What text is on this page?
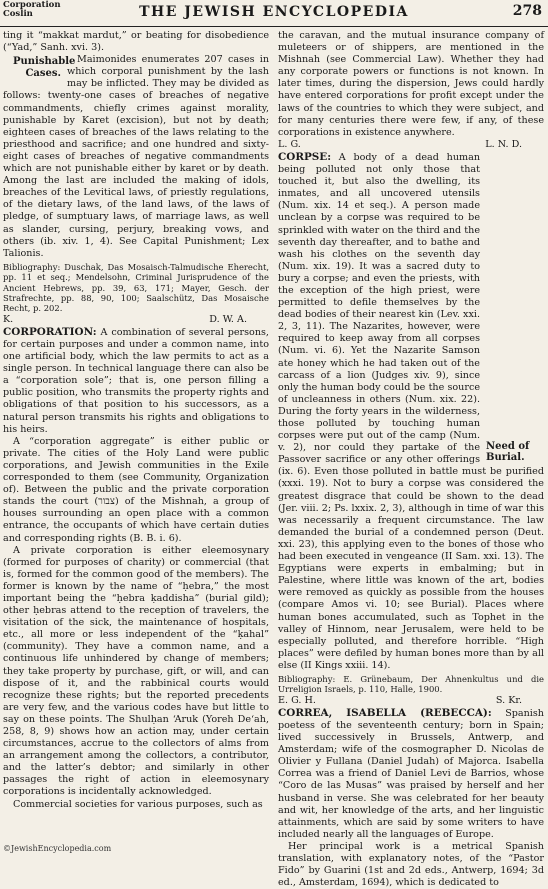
Corporation
Coslin	THE JEWISH ENCYCLOPEDIA	278

ting it “makkat mardut,” or beating for disobedience (“Yad,” Sanh. xvi. 3).

Punishable Cases.
Maimonides enumerates 207 cases in which corporal punishment by the lash may be inflicted. They may be divided as follows: twenty-one cases of breaches of negative commandments, chiefly crimes against morality, punishable by Karet (excision), but not by death; eighteen cases of breaches of the laws relating to the priesthood and sacrifice; and one hundred and sixty-eight cases of breaches of negative commandments which are not punishable either by karet or by death. Among the last are included the making of idols, breaches of the Levitical laws, of priestly regulations, of the dietary laws, of the land laws, of the laws of pledge, of sumptuary laws, of marriage laws, as well as slander, cursing, perjury, breaking vows, and others (ib. xiv. 1, 4). See Capital Punishment; Lex Talionis.

Bibliography: Duschak, Das Mosaisch-Talmudische Eherecht, pp. 11 et seq.; Mendelsohn, Criminal Jurisprudence of the Ancient Hebrews, pp. 39, 63, 171; Mayer, Gesch. der Strafrechte, pp. 88, 90, 100; Saalschütz, Das Mosaische Recht, p. 202.

K.	D. W. A.

CORPORATION: A combination of several persons, for certain purposes and under a common name, into one artificial body, which the law permits to act as a single person. In technical language there can also be a “corporation sole”; that is, one person filling a public position, who transmits the property rights and obligations of that position to his successors, as a natural person transmits his rights and obligations to his heirs.

A “corporation aggregate” is either public or private. The cities of the Holy Land were public corporations, and Jewish communities in the Exile corresponded to them (see Community, Organization of). Between the public and the private corporation stands the court (צבור) of the Mishnah, a group of houses surrounding an open place with a common entrance, the occupants of which have certain duties and corresponding rights (B. B. i. 6).

A private corporation is either eleemosynary (formed for purposes of charity) or commercial (that is, formed for the common good of the members). The former is known by the name of “ḥebra,” the most important being the “ḥebra ḳaddisha” (burial gild); other ḥebras attend to the reception of travelers, the visitation of the sick, the maintenance of hospitals, etc., all more or less independent of the “ḳahal” (community). They have a common name, and a continuous life unhindered by change of members; they take property by purchase, gift, or will, and can dispose of it, and the rabbinical courts would recognize these rights; but the reported precedents are very few, and the various codes have but little to say on these points. The Shulḥan ‘Aruk (Yoreh De‘ah, 258, 8, 9) shows how an action may, under certain circumstances, accrue to the collectors of alms from an arrangement among the collectors, a contributor, and the latter’s debtor; and similarly in other passages the right of action in eleemosynary corporations is incidentally acknowledged.

Commercial societies for various purposes, such as

the caravan, and the mutual insurance company of muleteers or of shippers, are mentioned in the Mishnah (see Commercial Law). Whether they had any corporate powers or functions is not known. In later times, during the dispersion, Jews could hardly have entered corporations for profit except under the laws of the countries to which they were subject, and for many centuries there were few, if any, of these corporations in existence anywhere.

L. G.	L. N. D.

Need of Burial.
CORPSE: A body of a dead human being polluted not only those that touched it, but also the dwelling, its inmates, and all uncovered utensils (Num. xix. 14 et seq.). A person made unclean by a corpse was required to be sprinkled with water on the third and the seventh day thereafter, and to bathe and wash his clothes on the seventh day (Num. xix. 19). It was a sacred duty to bury a corpse; and even the priests, with the exception of the high priest, were permitted to defile themselves by the dead bodies of their nearest kin (Lev. xxi. 2, 3, 11). The Nazarites, however, were required to keep away from all corpses (Num. vi. 6). Yet the Nazarite Samson ate honey which he had taken out of the carcass of a lion (Judges xiv. 9), since only the human body could be the source of uncleanness in others (Num. xix. 22). During the forty years in the wilderness, those polluted by touching human corpses were put out of the camp (Num. v. 2), nor could they partake of the Passover sacrifice or any other offerings (ix. 6). Even those polluted in battle must be purified (xxxi. 19). Not to bury a corpse was considered the greatest disgrace that could be shown to the dead (Jer. viii. 2; Ps. lxxix. 2, 3), although in time of war this was necessarily a frequent circumstance. The law demanded the burial of a condemned person (Deut. xxi. 23), this applying even to the bones of those who had been executed in vengeance (II Sam. xxi. 13). The Egyptians were experts in embalming; but in Palestine, where little was known of the art, bodies were removed as quickly as possible from the houses (compare Amos vi. 10; see Burial). Places where human bones accumulated, such as Tophet in the valley of Hinnom, near Jerusalem, were held to be especially polluted, and therefore horrible. “High places” were defiled by human bones more than by all else (II Kings xxiii. 14).

Bibliography: E. Grünebaum, Der Ahnenkultus und die Urreligion Israels, p. 110, Halle, 1900.

E. G. H.	S. Kr.

CORREA, ISABELLA (REBECCA): Spanish poetess of the seventeenth century; born in Spain; lived successively in Brussels, Antwerp, and Amsterdam; wife of the cosmographer D. Nicolas de Olivier y Fullana (Daniel Judah) of Majorca. Isabella Correa was a friend of Daniel Levi de Barrios, whose “Coro de las Musas” was praised by herself and her husband in verse. She was celebrated for her beauty and wit, her knowledge of the arts, and her linguistic attainments, which are said by some writers to have included nearly all the languages of Europe.

Her principal work is a metrical Spanish translation, with explanatory notes, of the “Pastor Fido” by Guarini (1st and 2d eds., Antwerp, 1694; 3d ed., Amsterdam, 1694), which is dedicated to

©JewishEncyclopedia.com
